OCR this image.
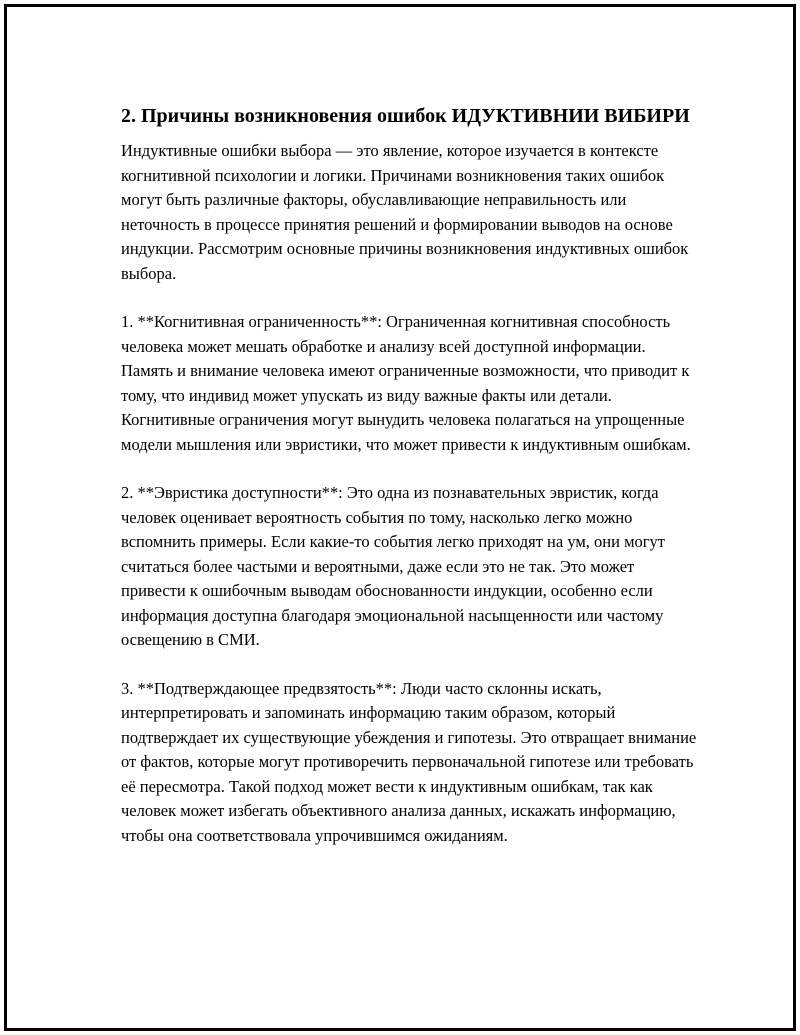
2. Причины возникновения ошибок ИДУКТИВНИИ ВИБИРИ

Индуктивные ошибки выбора — это явление, которое изучается в контексте когнитивной психологии и логики. Причинами возникновения таких ошибок могут быть различные факторы, обуславливающие неправильность или неточность в процессе принятия решений и формировании выводов на основе индукции. Рассмотрим основные причины возникновения индуктивных ошибок выбора.

1. **Когнитивная ограниченность**: Ограниченная когнитивная способность человека может мешать обработке и анализу всей доступной информации. Память и внимание человека имеют ограниченные возможности, что приводит к тому, что индивид может упускать из виду важные факты или детали. Когнитивные ограничения могут вынудить человека полагаться на упрощенные модели мышления или эвристики, что может привести к индуктивным ошибкам.

2. **Эвристика доступности**: Это одна из познавательных эвристик, когда человек оценивает вероятность события по тому, насколько легко можно вспомнить примеры. Если какие-то события легко приходят на ум, они могут считаться более частыми и вероятными, даже если это не так. Это может привести к ошибочным выводам обоснованности индукции, особенно если информация доступна благодаря эмоциональной насыщенности или частому освещению в СМИ.

3. **Подтверждающее предвзятость**: Люди часто склонны искать, интерпретировать и запоминать информацию таким образом, который подтверждает их существующие убеждения и гипотезы. Это отвращает внимание от фактов, которые могут противоречить первоначальной гипотезе или требовать её пересмотра. Такой подход может вести к индуктивным ошибкам, так как человек может избегать объективного анализа данных, искажать информацию, чтобы она соответствовала упрочившимся ожиданиям.
